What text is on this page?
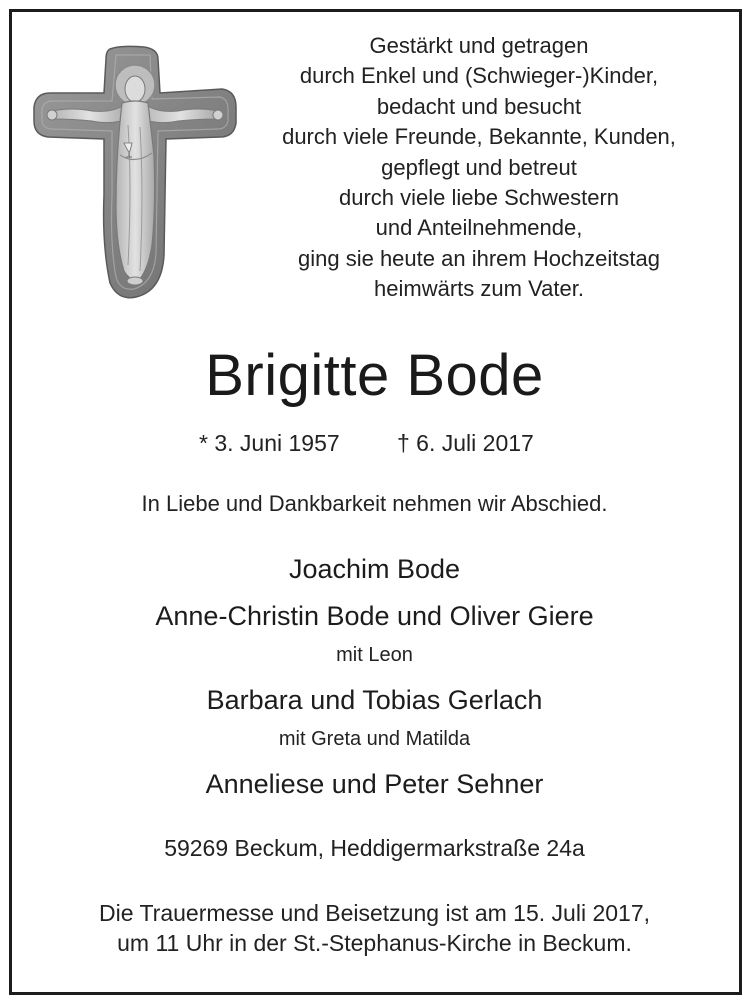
Gestärkt und getragen
durch Enkel und (Schwieger-)Kinder,
bedacht und besucht
durch viele Freunde, Bekannte, Kunden,
gepflegt und betreut
durch viele liebe Schwestern
und Anteilnehmende,
ging sie heute an ihrem Hochzeitstag
heimwärts zum Vater.
Brigitte Bode
* 3. Juni 1957 † 6. Juli 2017
In Liebe und Dankbarkeit nehmen wir Abschied.
Joachim Bode
Anne-Christin Bode und Oliver Giere
mit Leon
Barbara und Tobias Gerlach
mit Greta und Matilda
Anneliese und Peter Sehner
59269 Beckum, Heddigermarkstraße 24a
Die Trauermesse und Beisetzung ist am 15. Juli 2017,
um 11 Uhr in der St.-Stephanus-Kirche in Beckum.
